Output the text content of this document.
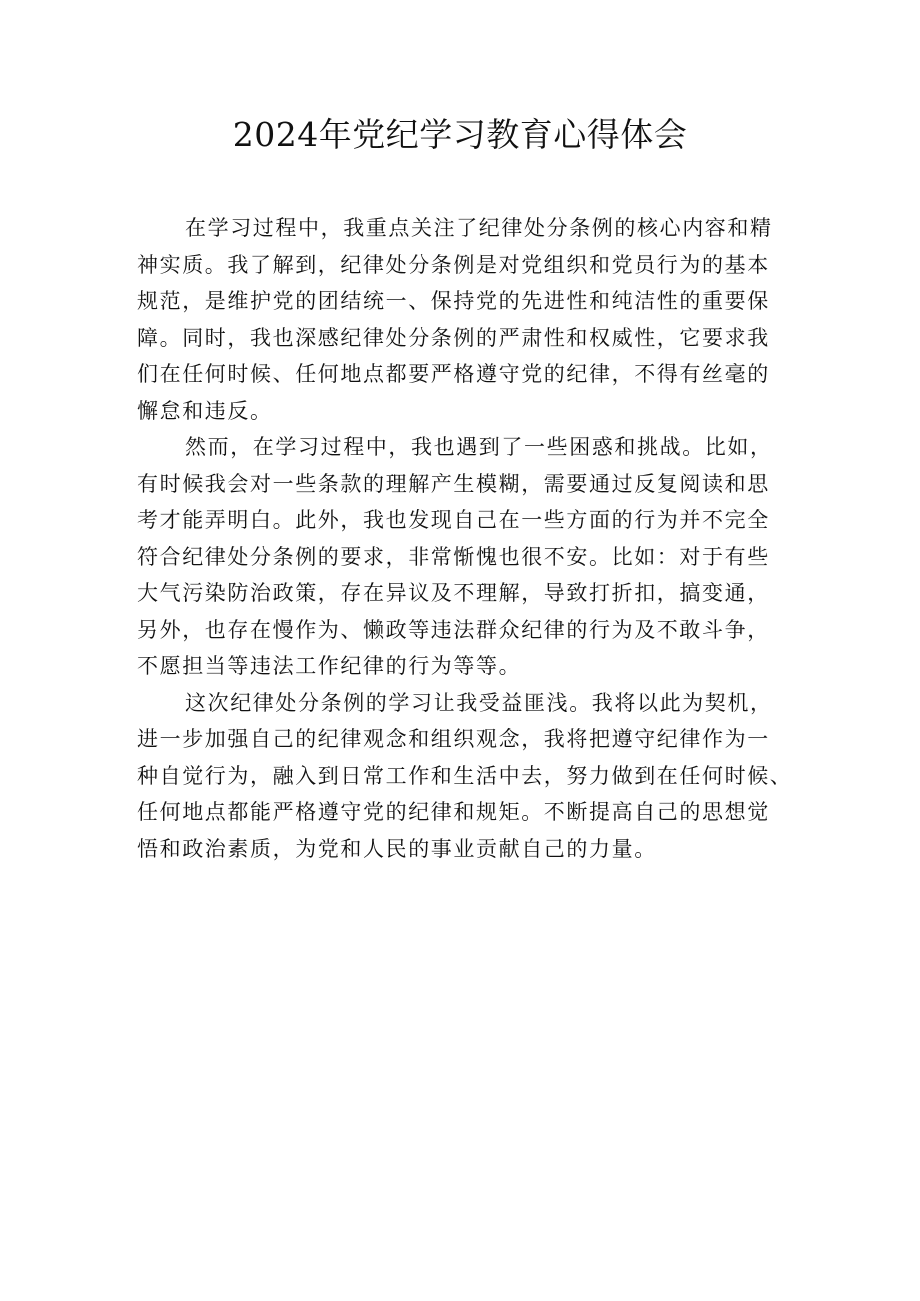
2024年党纪学习教育心得体会

在学习过程中，我重点关注了纪律处分条例的核心内容和精
神实质。我了解到，纪律处分条例是对党组织和党员行为的基本
规范，是维护党的团结统一、保持党的先进性和纯洁性的重要保
障。同时，我也深感纪律处分条例的严肃性和权威性，它要求我
们在任何时候、任何地点都要严格遵守党的纪律，不得有丝毫的
懈怠和违反。

然而，在学习过程中，我也遇到了一些困惑和挑战。比如，
有时候我会对一些条款的理解产生模糊，需要通过反复阅读和思
考才能弄明白。此外，我也发现自己在一些方面的行为并不完全
符合纪律处分条例的要求，非常惭愧也很不安。比如：对于有些
大气污染防治政策，存在异议及不理解，导致打折扣，搞变通，
另外，也存在慢作为、懒政等违法群众纪律的行为及不敢斗争，
不愿担当等违法工作纪律的行为等等。

这次纪律处分条例的学习让我受益匪浅。我将以此为契机，
进一步加强自己的纪律观念和组织观念，我将把遵守纪律作为一
种自觉行为，融入到日常工作和生活中去，努力做到在任何时候、
任何地点都能严格遵守党的纪律和规矩。不断提高自己的思想觉
悟和政治素质，为党和人民的事业贡献自己的力量。
